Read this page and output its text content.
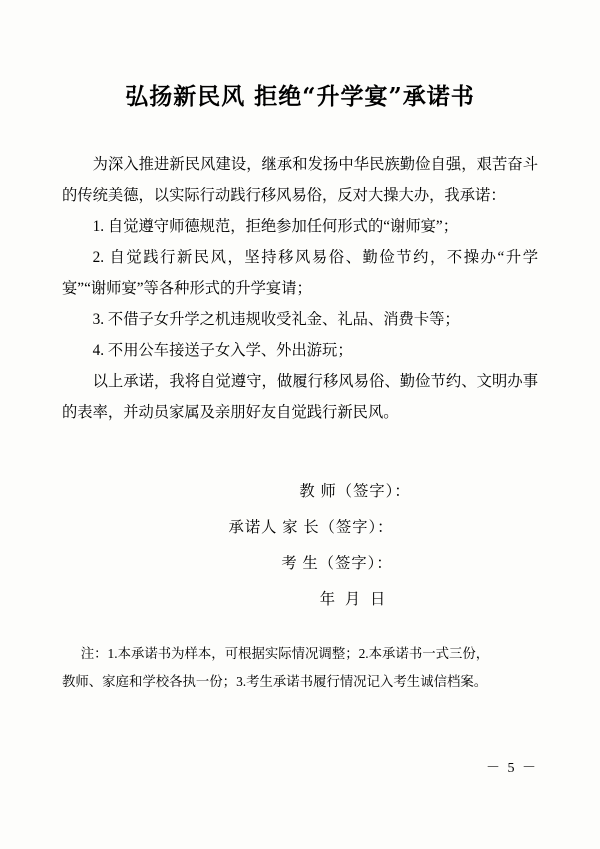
弘扬新民风 拒绝“升学宴”承诺书

为深入推进新民风建设，继承和发扬中华民族勤俭自强，艰苦奋斗的传统美德，以实际行动践行移风易俗，反对大操大办，我承诺：

1. 自觉遵守师德规范，拒绝参加任何形式的“谢师宴”；

2. 自觉践行新民风，坚持移风易俗、勤俭节约，不操办“升学宴”“谢师宴”等各种形式的升学宴请；

3. 不借子女升学之机违规收受礼金、礼品、消费卡等；

4. 不用公车接送子女入学、外出游玩；

以上承诺，我将自觉遵守，做履行移风易俗、勤俭节约、文明办事的表率，并动员家属及亲朋好友自觉践行新民风。

教 师（签字）：

承诺人 家 长（签字）：

考 生（签字）：

年 月 日

注：1.本承诺书为样本，可根据实际情况调整；2.本承诺书一式三份，

教师、家庭和学校各执一份；3.考生承诺书履行情况记入考生诚信档案。

－ 5 －
